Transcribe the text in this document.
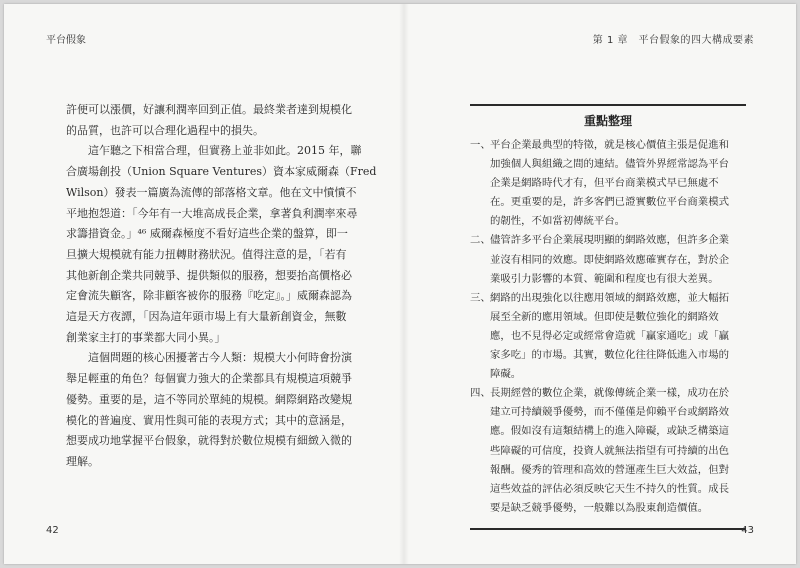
平台假象	第 1 章　平台假象的四大構成要素

許便可以漲價，好讓利潤率回到正值。最終業者達到規模化
的品質，也許可以合理化過程中的損失。

這乍聽之下相當合理，但實務上並非如此。2015 年，聯
合廣場創投（Union Square Ventures）資本家威爾森（Fred
Wilson）發表一篇廣為流傳的部落格文章。他在文中憤憤不
平地抱怨道：「今年有一大堆高成長企業，拿著負利潤率來尋
求籌措資金。」⁴⁶ 威爾森極度不看好這些企業的盤算，即一
旦擴大規模就有能力扭轉財務狀況。值得注意的是，「若有
其他新創企業共同競爭、提供類似的服務，想要抬高價格必
定會流失顧客，除非顧客被你的服務『吃定』。」威爾森認為
這是天方夜譚，「因為這年頭市場上有大量新創資金，無數
創業家主打的事業都大同小異。」

這個問題的核心困擾著古今人類：規模大小何時會扮演
舉足輕重的角色？每個實力強大的企業都具有規模這項競爭
優勢。重要的是，這不等同於單純的規模。網際網路改變規
模化的普遍度、實用性與可能的表現方式；其中的意涵是，
想要成功地掌握平台假象，就得對於數位規模有細緻入微的
理解。

重點整理
一、 平台企業最典型的特徵，就是核心價值主張是促進和
加強個人與組織之間的連結。儘管外界經常認為平台
企業是網路時代才有，但平台商業模式早已無處不
在。更重要的是，許多客們已證實數位平台商業模式
的韌性，不如當初傳統平台。
二、 儘管許多平台企業展現明顯的網路效應，但許多企業
並沒有相同的效應。即使網路效應確實存在，對於企
業吸引力影響的本質、範圍和程度也有很大差異。
三、 網路的出現強化以往應用領域的網路效應，並大幅拓
展至全新的應用領域。但即使是數位強化的網路效
應，也不見得必定或經常會造就「贏家通吃」或「贏
家多吃」的市場。其實，數位化往往降低進入市場的
障礙。
四、 長期經營的數位企業，就像傳統企業一樣，成功在於
建立可持續競爭優勢，而不僅僅是仰賴平台或網路效
應。假如沒有這類結構上的進入障礙，或缺乏構築這
些障礙的可信度，投資人就無法指望有可持續的出色
報酬。優秀的管理和高效的營運產生巨大效益，但對
這些效益的評估必須反映它天生不持久的性質。成長
要是缺乏競爭優勢，一般難以為股東創造價值。
42	43
